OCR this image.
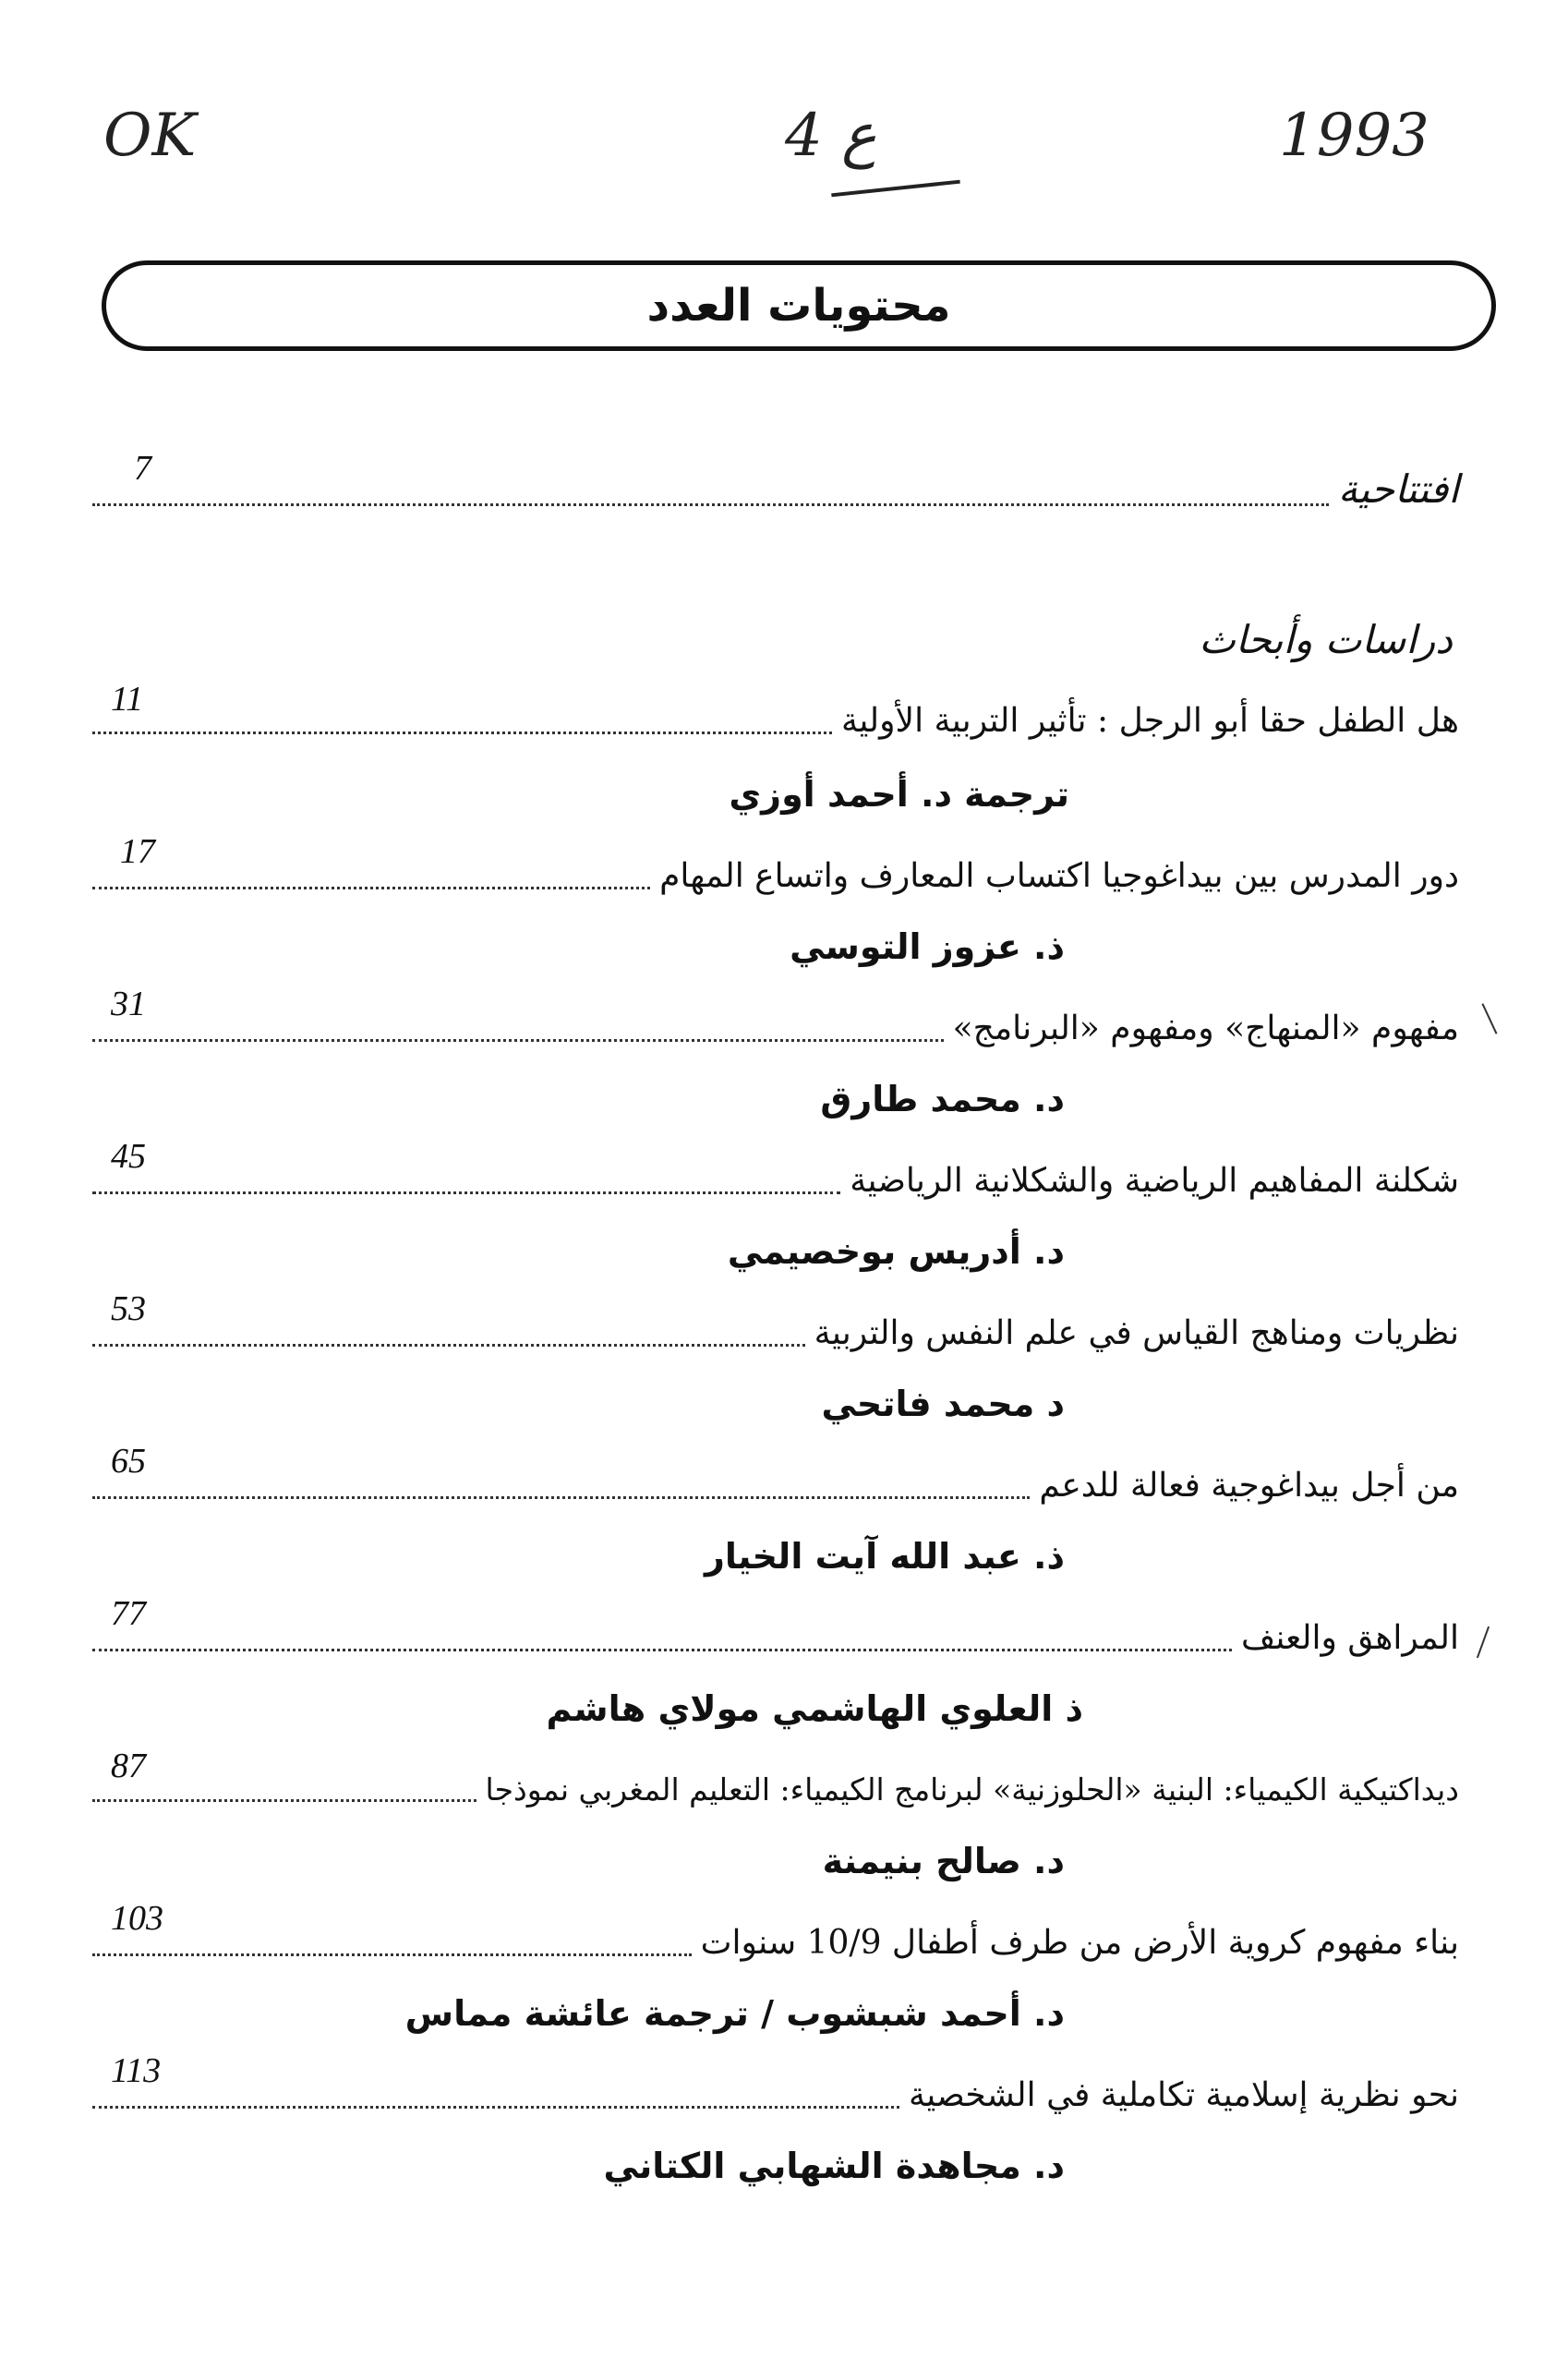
OK	ع 4	1993
محتويات العدد
افتتاحية
7
دراسات وأبحاث
هل الطفل حقا أبو الرجل : تأثير التربية الأولية
11
ترجمة د. أحمد أوزي
دور المدرس بين بيداغوجيا اكتساب المعارف واتساع المهام
17
ذ. عزوز التوسي
مفهوم «المنهاج» ومفهوم «البرنامج»
31
د. محمد طارق
شكلنة المفاهيم الرياضية والشكلانية الرياضية
45
د. أدريس بوخصيمي
نظريات ومناهج القياس في علم النفس والتربية
53
د محمد فاتحي
من أجل بيداغوجية فعالة للدعم
65
ذ. عبد الله آيت الخيار
المراهق والعنف
77
ذ العلوي الهاشمي مولاي هاشم
ديداكتيكية الكيمياء: البنية «الحلوزنية» لبرنامج الكيمياء: التعليم المغربي نموذجا
87
د. صالح بنيمنة
بناء مفهوم كروية الأرض من طرف أطفال 10/9 سنوات
103
د. أحمد شبشوب / ترجمة عائشة مماس
نحو نظرية إسلامية تكاملية في الشخصية
113
د. مجاهدة الشهابي الكتاني
